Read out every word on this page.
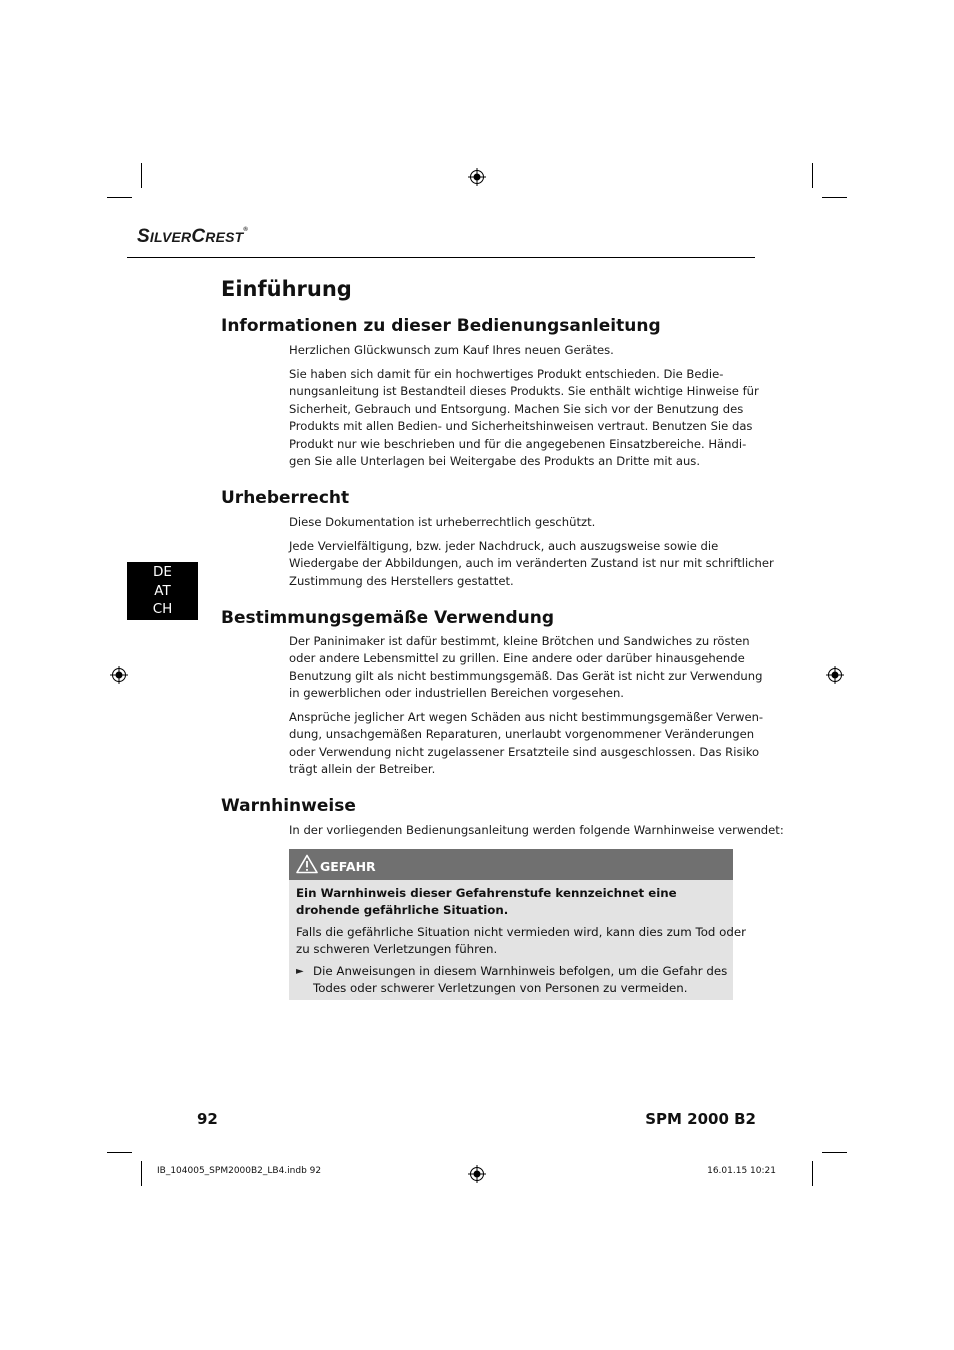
SILVERCREST®
Einführung
Informationen zu dieser Bedienungsanleitung
Herzlichen Glückwunsch zum Kauf Ihres neuen Gerätes.
Sie haben sich damit für ein hochwertiges Produkt entschieden. Die Bedie-
nungsanleitung ist Bestandteil dieses Produkts. Sie enthält wichtige Hinweise für
Sicherheit, Gebrauch und Entsorgung. Machen Sie sich vor der Benutzung des
Produkts mit allen Bedien- und Sicherheitshinweisen vertraut. Benutzen Sie das
Produkt nur wie beschrieben und für die angegebenen Einsatzbereiche. Händi-
gen Sie alle Unterlagen bei Weitergabe des Produkts an Dritte mit aus.
Urheberrecht
Diese Dokumentation ist urheberrechtlich geschützt.
Jede Vervielfältigung, bzw. jeder Nachdruck, auch auszugsweise sowie die
Wiedergabe der Abbildungen, auch im veränderten Zustand ist nur mit schriftlicher
Zustimmung des Herstellers gestattet.
DE
AT
CH	Bestimmungsgemäße Verwendung
Der Paninimaker ist dafür bestimmt, kleine Brötchen und Sandwiches zu rösten
oder andere Lebensmittel zu grillen. Eine andere oder darüber hinausgehende
Benutzung gilt als nicht bestimmungsgemäß. Das Gerät ist nicht zur Verwendung
in gewerblichen oder industriellen Bereichen vorgesehen.
Ansprüche jeglicher Art wegen Schäden aus nicht bestimmungsgemäßer Verwen-
dung, unsachgemäßen Reparaturen, unerlaubt vorgenommener Veränderungen
oder Verwendung nicht zugelassener Ersatzteile sind ausgeschlossen. Das Risiko
trägt allein der Betreiber.
Warnhinweise
In der vorliegenden Bedienungsanleitung werden folgende Warnhinweise verwendet:
GEFAHR
Ein Warnhinweis dieser Gefahrenstufe kennzeichnet eine
drohende gefährliche Situation.
Falls die gefährliche Situation nicht vermieden wird, kann dies zum Tod oder
zu schweren Verletzungen führen.
► Die Anweisungen in diesem Warnhinweis befolgen, um die Gefahr des
Todes oder schwerer Verletzungen von Personen zu vermeiden.
92	SPM 2000 B2
IB_104005_SPM2000B2_LB4.indb 92	16.01.15 10:21
